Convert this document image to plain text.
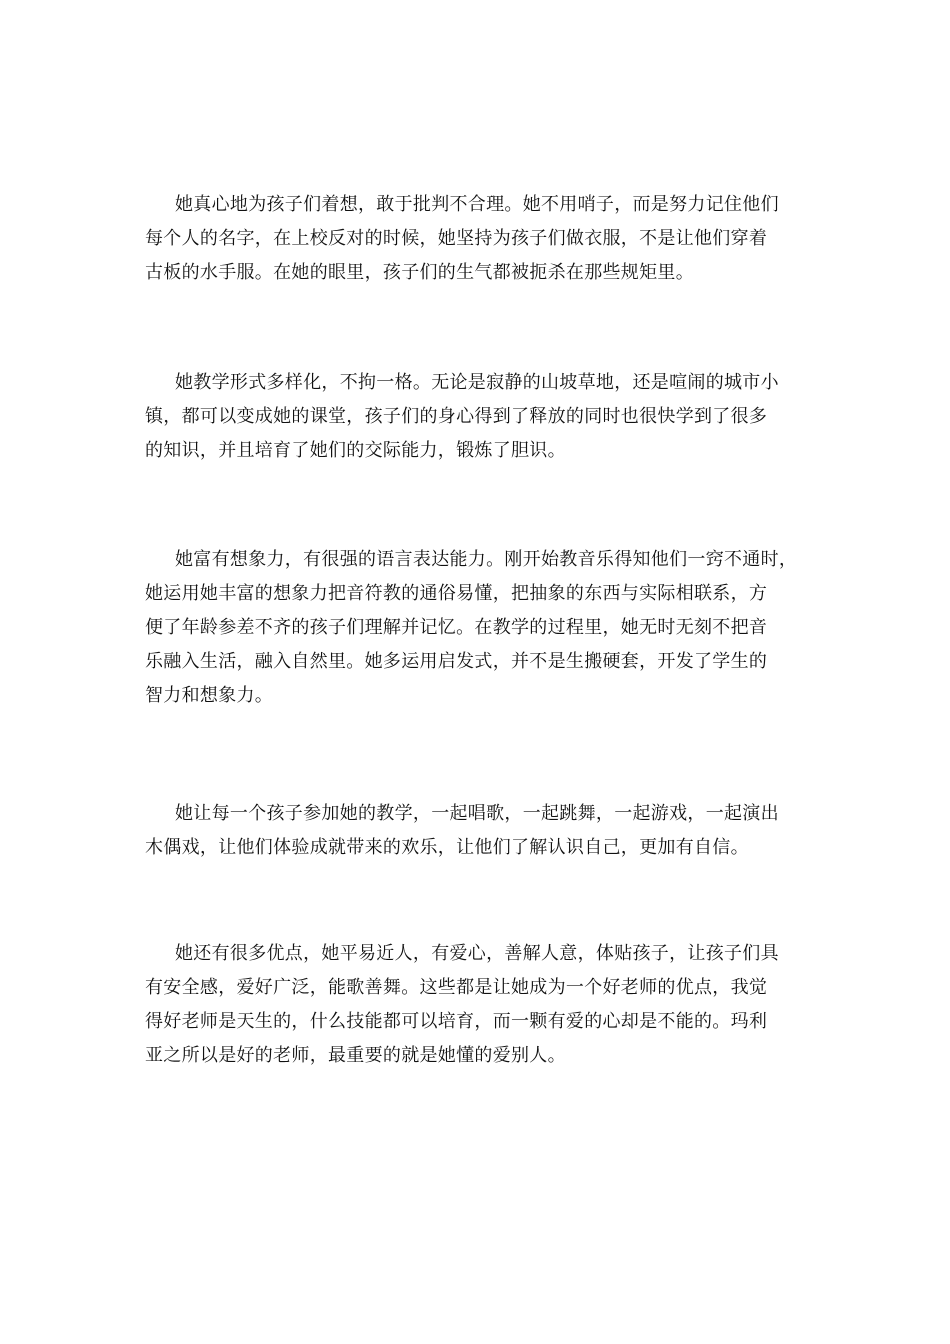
她真心地为孩子们着想，敢于批判不合理。她不用哨子，而是努力记住他们
每个人的名字，在上校反对的时候，她坚持为孩子们做衣服，不是让他们穿着
古板的水手服。在她的眼里，孩子们的生气都被扼杀在那些规矩里。

她教学形式多样化，不拘一格。无论是寂静的山坡草地，还是喧闹的城市小
镇，都可以变成她的课堂，孩子们的身心得到了释放的同时也很快学到了很多
的知识，并且培育了她们的交际能力，锻炼了胆识。

她富有想象力，有很强的语言表达能力。刚开始教音乐得知他们一窍不通时，
她运用她丰富的想象力把音符教的通俗易懂，把抽象的东西与实际相联系，方
便了年龄参差不齐的孩子们理解并记忆。在教学的过程里，她无时无刻不把音
乐融入生活，融入自然里。她多运用启发式，并不是生搬硬套，开发了学生的
智力和想象力。

她让每一个孩子参加她的教学，一起唱歌，一起跳舞，一起游戏，一起演出
木偶戏，让他们体验成就带来的欢乐，让他们了解认识自己，更加有自信。

她还有很多优点，她平易近人，有爱心，善解人意，体贴孩子，让孩子们具
有安全感，爱好广泛，能歌善舞。这些都是让她成为一个好老师的优点，我觉
得好老师是天生的，什么技能都可以培育，而一颗有爱的心却是不能的。玛利
亚之所以是好的老师，最重要的就是她懂的爱别人。
